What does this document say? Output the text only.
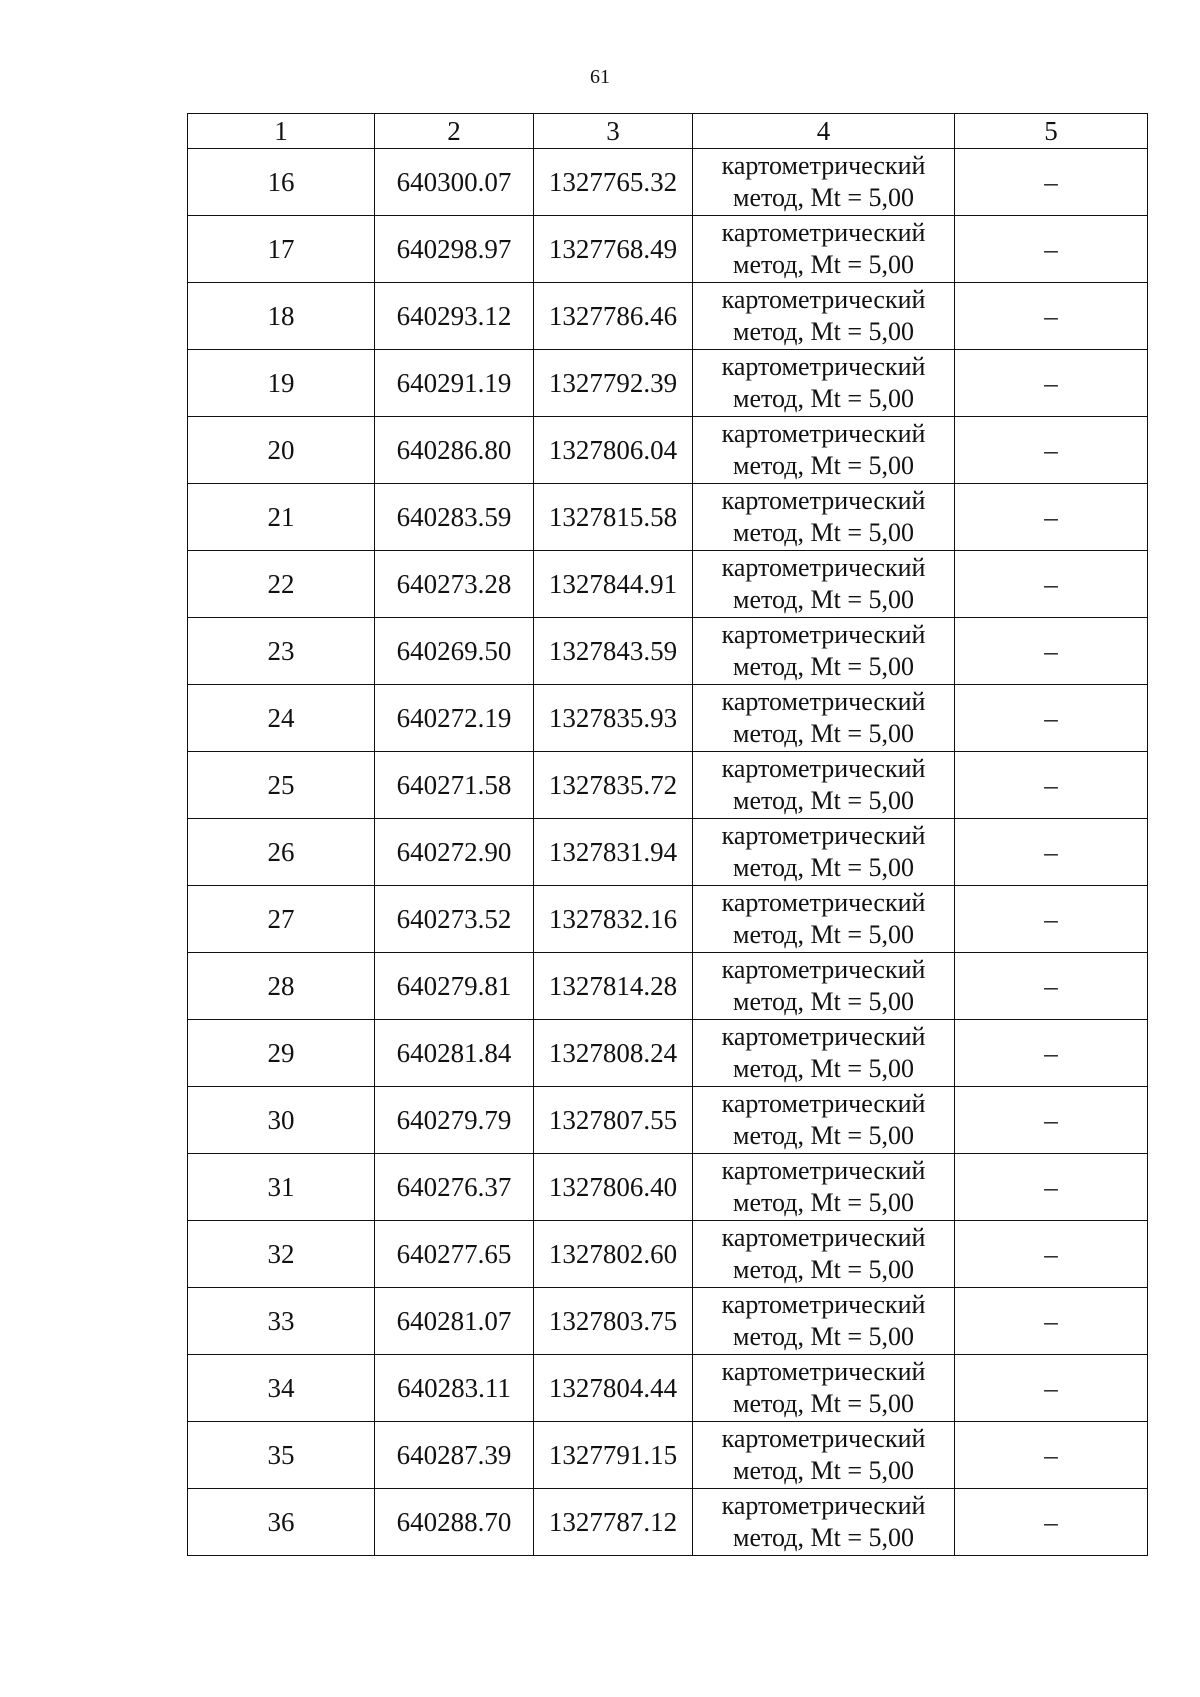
61
1	2	3	4	5
16	640300.07	1327765.32	картометрический
метод, Mt = 5,00	–
17	640298.97	1327768.49	картометрический
метод, Mt = 5,00	–
18	640293.12	1327786.46	картометрический
метод, Mt = 5,00	–
19	640291.19	1327792.39	картометрический
метод, Mt = 5,00	–
20	640286.80	1327806.04	картометрический
метод, Mt = 5,00	–
21	640283.59	1327815.58	картометрический
метод, Mt = 5,00	–
22	640273.28	1327844.91	картометрический
метод, Mt = 5,00	–
23	640269.50	1327843.59	картометрический
метод, Mt = 5,00	–
24	640272.19	1327835.93	картометрический
метод, Mt = 5,00	–
25	640271.58	1327835.72	картометрический
метод, Mt = 5,00	–
26	640272.90	1327831.94	картометрический
метод, Mt = 5,00	–
27	640273.52	1327832.16	картометрический
метод, Mt = 5,00	–
28	640279.81	1327814.28	картометрический
метод, Mt = 5,00	–
29	640281.84	1327808.24	картометрический
метод, Mt = 5,00	–
30	640279.79	1327807.55	картометрический
метод, Mt = 5,00	–
31	640276.37	1327806.40	картометрический
метод, Mt = 5,00	–
32	640277.65	1327802.60	картометрический
метод, Mt = 5,00	–
33	640281.07	1327803.75	картометрический
метод, Mt = 5,00	–
34	640283.11	1327804.44	картометрический
метод, Mt = 5,00	–
35	640287.39	1327791.15	картометрический
метод, Mt = 5,00	–
36	640288.70	1327787.12	картометрический
метод, Mt = 5,00	–
